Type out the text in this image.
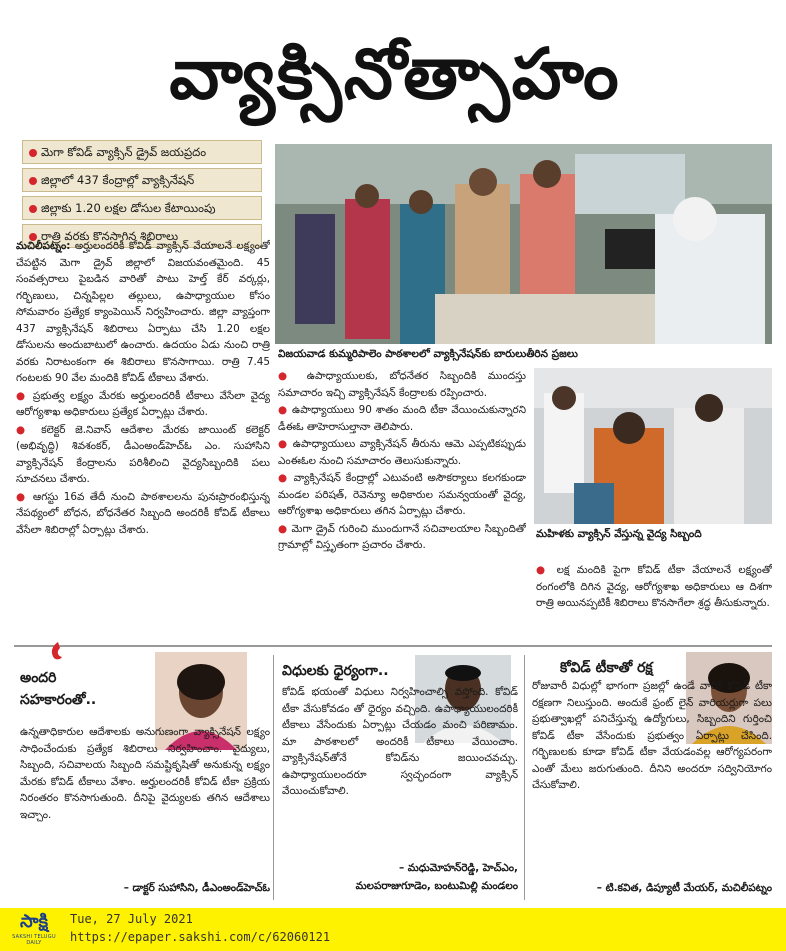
వ్యాక్సినోత్సాహం
మెగా కోవిడ్ వ్యాక్సిన్ డ్రైవ్ జయప్రదం
జిల్లాలో 437 కేంద్రాల్లో వ్యాక్సినేషన్
జిల్లాకు 1.20 లక్షల డోసుల కేటాయింపు
రాత్రి వరకు కొనసాగిన శిబిరాలు

మచిలీపట్నం: అర్హులందరికీ కోవిడ్ వ్యాక్సిన్ వేయాలనే లక్ష్యంతో చేపట్టిన మెగా డ్రైవ్ జిల్లాలో విజయవంతమైంది. 45 సంవత్సరాలు పైబడిన వారితో పాటు హెల్త్ కేర్ వర్కర్లు, గర్భిణులు, చిన్నపిల్లల తల్లులు, ఉపాధ్యాయుల కోసం సోమవారం ప్రత్యేక క్యాంపెయిన్ నిర్వహించారు. జిల్లా వ్యాప్తంగా 437 వ్యాక్సినేషన్ శిబిరాలు ఏర్పాటు చేసి 1.20 లక్షల డోసులను అందుబాటులో ఉంచారు. ఉదయం ఏడు నుంచి రాత్రి వరకు నిరాటంకంగా ఈ శిబిరాలు కొనసాగాయి. రాత్రి 7.45 గంటలకు 90 వేల మందికి కోవిడ్ టీకాలు వేశారు.

● ప్రభుత్వ లక్ష్యం మేరకు అర్హులందరికీ టీకాలు వేసేలా వైద్య ఆరోగ్యశాఖ అధికారులు ప్రత్యేక ఏర్పాట్లు చేశారు.

● కలెక్టర్ జె.నివాస్ ఆదేశాల మేరకు జాయింట్ కలెక్టర్ (అభివృద్ధి) శివశంకర్, డీఎంఅండ్‌హెచ్‌ఓ ఎం. సుహాసిని వ్యాక్సినేషన్ కేంద్రాలను పరిశీలించి వైద్యసిబ్బందికి పలు సూచనలు చేశారు.

● ఆగస్టు 16వ తేదీ నుంచి పాఠశాలలను పునఃప్రారంభిస్తున్న నేపథ్యంలో బోధన, బోధనేతర సిబ్బంది అందరికీ కోవిడ్ టీకాలు వేసేలా శిబిరాల్లో ఏర్పాట్లు చేశారు.

విజయవాడ కుమ్మరిపాలెం పాఠశాలలో వ్యాక్సినేషన్‌కు బారులుతీరిన ప్రజలు

● ఉపాధ్యాయులకు, బోధనేతర సిబ్బందికి ముందస్తు సమాచారం ఇచ్చి వ్యాక్సినేషన్ కేంద్రాలకు రప్పించారు.

● ఉపాధ్యాయులు 90 శాతం మంది టీకా వేయించుకున్నారని డీఈఓ తాహెరాసుల్తానా తెలిపారు.

● ఉపాధ్యాయులు వ్యాక్సినేషన్ తీరును ఆమె ఎప్పటికప్పుడు ఎంఈఓల నుంచి సమాచారం తెలుసుకున్నారు.

● వ్యాక్సినేషన్ కేంద్రాల్లో ఎటువంటి అసౌకర్యాలు కలగకుండా మండల పరిషత్, రెవెన్యూ అధికారుల సమన్వయంతో వైద్య, ఆరోగ్యశాఖ అధికారులు తగిన ఏర్పాట్లు చేశారు.

● మెగా డ్రైవ్ గురించి ముందుగానే సచివాలయాల సిబ్బందితో గ్రామాల్లో విస్తృతంగా ప్రచారం చేశారు.

మహిళకు వ్యాక్సిన్ వేస్తున్న వైద్య సిబ్బంది

● లక్ష మందికి పైగా కోవిడ్ టీకా వేయాలనే లక్ష్యంతో రంగంలోకి దిగిన వైద్య, ఆరోగ్యశాఖ అధికారులు ఆ దిశగా రాత్రి అయినప్పటికీ శిబిరాలు కొనసాగేలా శ్రద్ధ తీసుకున్నారు.

అందరి
సహకారంతో..

ఉన్నతాధికారుల ఆదేశాలకు అనుగుణంగా వ్యాక్సినేషన్ లక్ష్యం సాధించేందుకు ప్రత్యేక శిబిరాలు నిర్వహించాం. వైద్యులు, సిబ్బంది, సచివాలయ సిబ్బంది సమష్టికృషితో అనుకున్న లక్ష్యం మేరకు కోవిడ్ టీకాలు వేశాం. అర్హులందరికీ కోవిడ్ టీకా ప్రక్రియ నిరంతరం కొనసాగుతుంది. దీనిపై వైద్యులకు తగిన ఆదేశాలు ఇచ్చాం.
– డాక్టర్ సుహాసిని, డీఎంఅండ్‌హెచ్‌ఓ
విధులకు ధైర్యంగా..
కోవిడ్ భయంతో విధులు నిర్వహించాల్సి వస్తోంది. కోవిడ్ టీకా వేసుకోవడం తో ధైర్యం వచ్చింది. ఉపాధ్యాయులందరికీ టీకాలు వేసేందుకు ఏర్పాట్లు చేయడం మంచి పరిణామం. మా పాఠశాలలో అందరికీ టీకాలు వేయించాం. వ్యాక్సినేషన్‌తోనే కోవిడ్‌ను జయించవచ్చు. ఉపాధ్యాయులందరూ స్వచ్ఛందంగా వ్యాక్సిన్ వేయించుకోవాలి.
– మధుమోహన్‌రెడ్డి, హెచ్‌ఎం,
మలపరాజుగూడెం, బంటుమిల్లి మండలం
కోవిడ్ టీకాతో రక్ష
రోజువారీ విధుల్లో భాగంగా ప్రజల్లో ఉండే వారికి కోవిడ్ టీకా రక్షణగా నిలుస్తుంది. అందుకే ఫ్రంట్ లైన్ వారియర్లుగా పలు ప్రభుత్వాఖల్లో పనిచేస్తున్న ఉద్యోగులు, సిబ్బందిని గుర్తించి కోవిడ్ టీకా వేసేందుకు ప్రభుత్వం ఏర్పాట్లు చేసింది. గర్భిణులకు కూడా కోవిడ్ టీకా వేయడంవల్ల ఆరోగ్యపరంగా ఎంతో మేలు జరుగుతుంది. దీనిని అందరూ సద్వినియోగం చేసుకోవాలి.
– టి.కవిత, డిప్యూటీ మేయర్, మచిలీపట్నం
సాక్షి
SAKSHI TELUGU DAILY
Tue, 27 July 2021
https://epaper.sakshi.com/c/62060121
